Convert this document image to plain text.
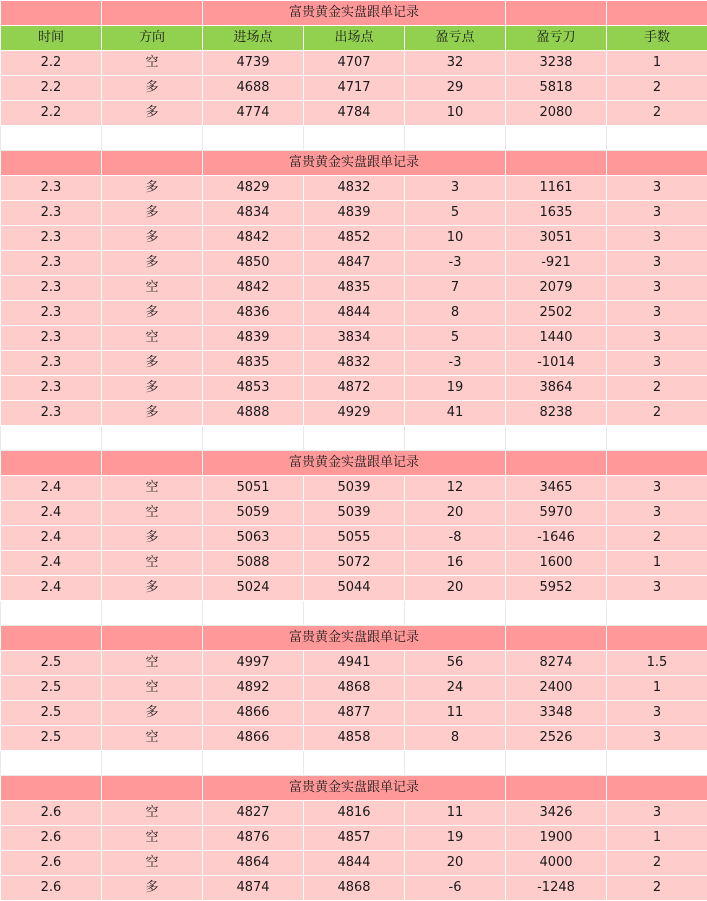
		富贵黄金实盘跟单记录				
时间	方向	进场点	出场点	盈亏点	盈亏刀	手数
2.2	空	4739	4707	32	3238	1
2.2	多	4688	4717	29	5818	2
2.2	多	4774	4784	10	2080	2

		富贵黄金实盘跟单记录				
2.3	多	4829	4832	3	1161	3
2.3	多	4834	4839	5	1635	3
2.3	多	4842	4852	10	3051	3
2.3	多	4850	4847	-3	-921	3
2.3	空	4842	4835	7	2079	3
2.3	多	4836	4844	8	2502	3
2.3	空	4839	3834	5	1440	3
2.3	多	4835	4832	-3	-1014	3
2.3	多	4853	4872	19	3864	2
2.3	多	4888	4929	41	8238	2

		富贵黄金实盘跟单记录				
2.4	空	5051	5039	12	3465	3
2.4	空	5059	5039	20	5970	3
2.4	多	5063	5055	-8	-1646	2
2.4	空	5088	5072	16	1600	1
2.4	多	5024	5044	20	5952	3

		富贵黄金实盘跟单记录				
2.5	空	4997	4941	56	8274	1.5
2.5	空	4892	4868	24	2400	1
2.5	多	4866	4877	11	3348	3
2.5	空	4866	4858	8	2526	3

		富贵黄金实盘跟单记录				
2.6	空	4827	4816	11	3426	3
2.6	空	4876	4857	19	1900	1
2.6	空	4864	4844	20	4000	2
2.6	多	4874	4868	-6	-1248	2
